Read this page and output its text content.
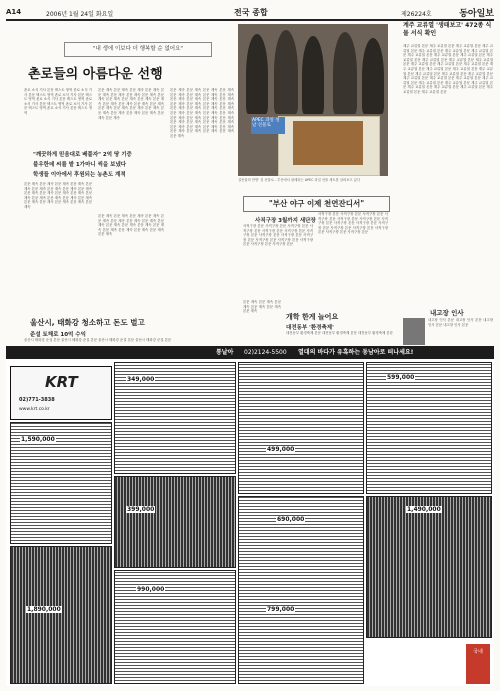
A14	2006년 1월 24일 화요일	전국 종합	제26224호	동아일보
"내 생에 이보다 더 행복할 순 없어요"
촌로들의 아름다운 선행
촌로 소식 기사 본문 텍스트 영역 촌로 소식 기사 본문 텍스트 영역 촌로 소식 기사 본문 텍스트 영역 촌로 소식 기사 본문 텍스트 영역 촌로 소식 기사 본문 텍스트 영역 촌로 소식 기사 본문 텍스트 영역 촌로 소식 기사 본문 텍스트 영역
본문 계속 본문 계속 본문 계속 본문 계속 본문 계속 본문 계속 본문 계속 본문 계속 본문 계속 본문 계속 본문 계속 본문 계속 본문 계속 본문 계속 본문 계속 본문 계속 본문 계속 본문 계속 본문 계속 본문 계속 본문 계속 본문 계속 본문 계속 본문 계속 본문 계속 본문 계속 본문 계속
본문 계속 본문 계속 본문 계속 본문 계속 본문 계속 본문 계속 본문 계속 본문 계속 본문 계속 본문 계속 본문 계속 본문 계속 본문 계속 본문 계속 본문 계속 본문 계속 본문 계속 본문 계속 본문 계속 본문 계속 본문 계속 본문 계속 본문 계속 본문 계속 본문 계속 본문 계속 본문 계속 본문 계속 본문 계속 본문 계속 본문 계속 본문 계속 본문 계속 본문 계속 본문 계속 본문 계속 본문 계속 본문 계속 본문 계속 본문 계속 본문 계속
"깨끗하게 믿음대로 베풀자" 2억 땅 기증
불우한데 씨를 밭 1가마니 씩을 보냈다
학생들 이아에서 후원되는 농촌도 계적
본문 계속 본문 계속 본문 계속 본문 계속 본문 계속 본문 계속 본문 계속 본문 계속 본문 계속 본문 계속 본문 계속 본문 계속 본문 계속 본문 계속 본문 계속 본문 계속 본문 계속 본문 계속 본문 계속 본문 계속 본문 계속 본문 계속 본문 계속
본문 계속 본문 계속 본문 계속 본문 계속 본문 계속 본문 계속 본문 계속 본문 계속 본문 계속 본문 계속 본문 계속 본문 계속 본문 계속 본문 계속 본문 계속 본문 계속 본문 계속 본문 계속
APEC 과일 설날 선물로
설선물의 안방' 설 선물로 - 부산에서 판매되는 APEC 과일 선물 세트를 살펴보고 있다
계주 교류열 '생태보고' 472종 식물 서식 확인
계주 교류열 본문 계주 교류열 본문 계주 교류열 본문 계주 교류열 본문 계주 교류열 본문 계주 교류열 본문 계주 교류열 본문 계주 교류열 본문 계주 교류열 본문 계주 교류열 본문 계주 교류열 본문 계주 교류열 본문 계주 교류열 본문 계주 교류열 본문 계주 교류열 본문 계주 교류열 본문 계주 교류열 본문 계주 교류열 본문 계주 교류열 본문 계주 교류열 본문 계주 교류열 본문 계주 교류열 본문 계주 교류열 본문 계주 교류열 본문 계주 교류열 본문 계주 교류열 본문 계주 교류열 본문 계주 교류열 본문 계주 교류열 본문 계주 교류열 본문 계주 교류열 본문 계주 교류열 본문 계주 교류열 본문 계주 교류열 본문 계주 교류열 본문 계주 교류열 본문
"부산 야구 이제 천연잔디서"
사직구장 3월까지 새단장
사직구장 본문 사직구장 본문 사직구장 본문 사직구장 본문 사직구장 본문 사직구장 본문 사직구장 본문 사직구장 본문 사직구장 본문 사직구장 본문 사직구장 본문 사직구장 본문 사직구장 본문 사직구장 본문 사직구장 본문
사직구장 본문 사직구장 본문 사직구장 본문 사직구장 본문 사직구장 본문 사직구장 본문 사직구장 본문 사직구장 본문 사직구장 본문 사직구장 본문 사직구장 본문 사직구장 본문 사직구장 본문 사직구장 본문 사직구장 본문
울산시, 태화강 청소하고 돈도 벌고
준설 토해로 10억 수익
울산시 태화강 준설 본문 울산시 태화강 준설 본문 울산시 태화강 준설 본문 울산시 태화강 준설 본문
개학 한게 늘어요
대전동부 '환경축제'
본문 계속 본문 계속 본문 계속 본문 계속 본문 계속 본문 계속
대전동부 환경축제 본문 대전동부 환경축제 본문 대전동부 환경축제 본문
내고장 인사
내고장 인사 본문 내고장 인사 본문 내고장 인사 본문 내고장 인사 본문
통날아 02)2124-5500 열대의 바다가 유혹하는 동남아로 떠나세요!
KRT
02)771-3838
www.krt.co.kr
349,000
499,000
599,000
399,000
690,000
1,590,000
1,490,000
990,000
799,000
1,890,000
국내
